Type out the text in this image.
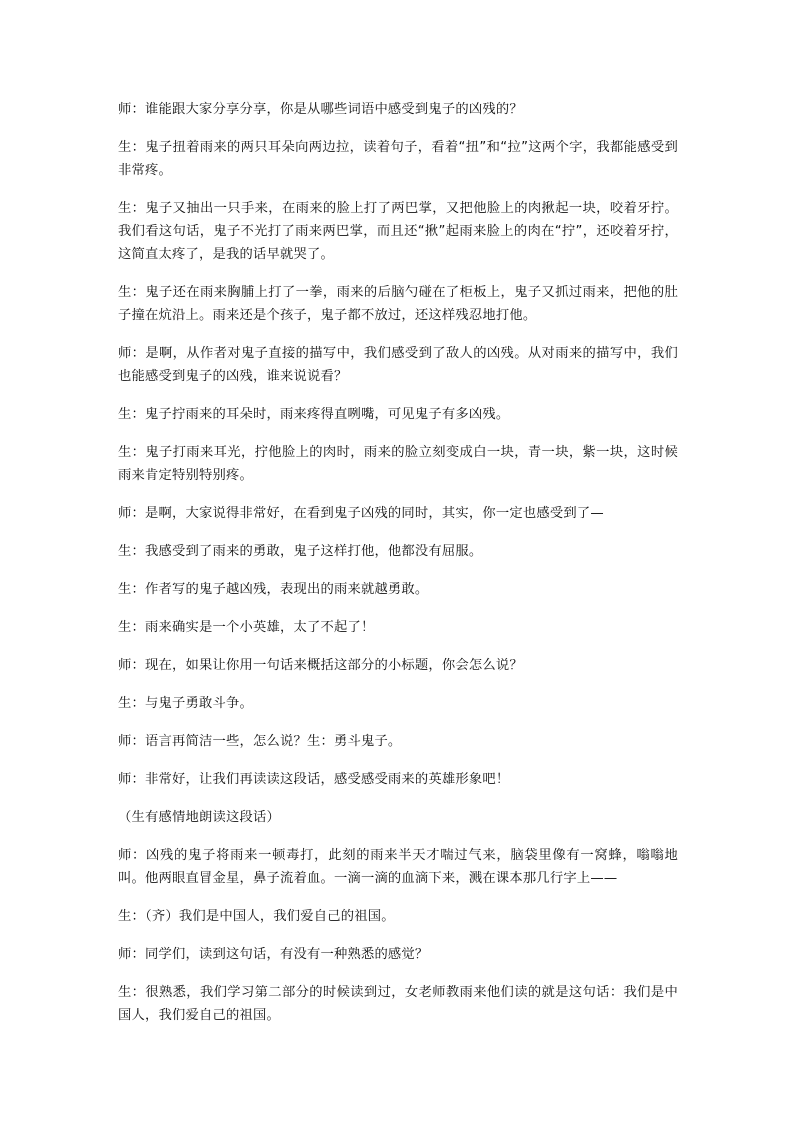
师：谁能跟大家分享分享，你是从哪些词语中感受到鬼子的凶残的？

生：鬼子扭着雨来的两只耳朵向两边拉，读着句子，看着“扭”和“拉”这两个字，我都能感受到非常疼。

生：鬼子又抽出一只手来，在雨来的脸上打了两巴掌，又把他脸上的肉揪起一块，咬着牙拧。我们看这句话，鬼子不光打了雨来两巴掌，而且还“揪”起雨来脸上的肉在“拧”，还咬着牙拧，这简直太疼了，是我的话早就哭了。

生：鬼子还在雨来胸脯上打了一拳，雨来的后脑勺碰在了柜板上，鬼子又抓过雨来，把他的肚子撞在炕沿上。雨来还是个孩子，鬼子都不放过，还这样残忍地打他。

师：是啊，从作者对鬼子直接的描写中，我们感受到了敌人的凶残。从对雨来的描写中，我们也能感受到鬼子的凶残，谁来说说看？

生：鬼子拧雨来的耳朵时，雨来疼得直咧嘴，可见鬼子有多凶残。

生：鬼子打雨来耳光，拧他脸上的肉时，雨来的脸立刻变成白一块，青一块，紫一块，这时候雨来肯定特别特别疼。

师：是啊，大家说得非常好，在看到鬼子凶残的同时，其实，你一定也感受到了—

生：我感受到了雨来的勇敢，鬼子这样打他，他都没有屈服。

生：作者写的鬼子越凶残，表现出的雨来就越勇敢。

生：雨来确实是一个小英雄，太了不起了！

师：现在，如果让你用一句话来概括这部分的小标题，你会怎么说？

生：与鬼子勇敢斗争。

师：语言再简洁一些，怎么说？生：勇斗鬼子。

师：非常好，让我们再读读这段话，感受感受雨来的英雄形象吧！

（生有感情地朗读这段话）

师：凶残的鬼子将雨来一顿毒打，此刻的雨来半天才喘过气来，脑袋里像有一窝蜂，嗡嗡地叫。他两眼直冒金星，鼻子流着血。一滴一滴的血滴下来，溅在课本那几行字上——

生：（齐）我们是中国人，我们爱自己的祖国。

师：同学们，读到这句话，有没有一种熟悉的感觉？

生：很熟悉，我们学习第二部分的时候读到过，女老师教雨来他们读的就是这句话：我们是中国人，我们爱自己的祖国。
